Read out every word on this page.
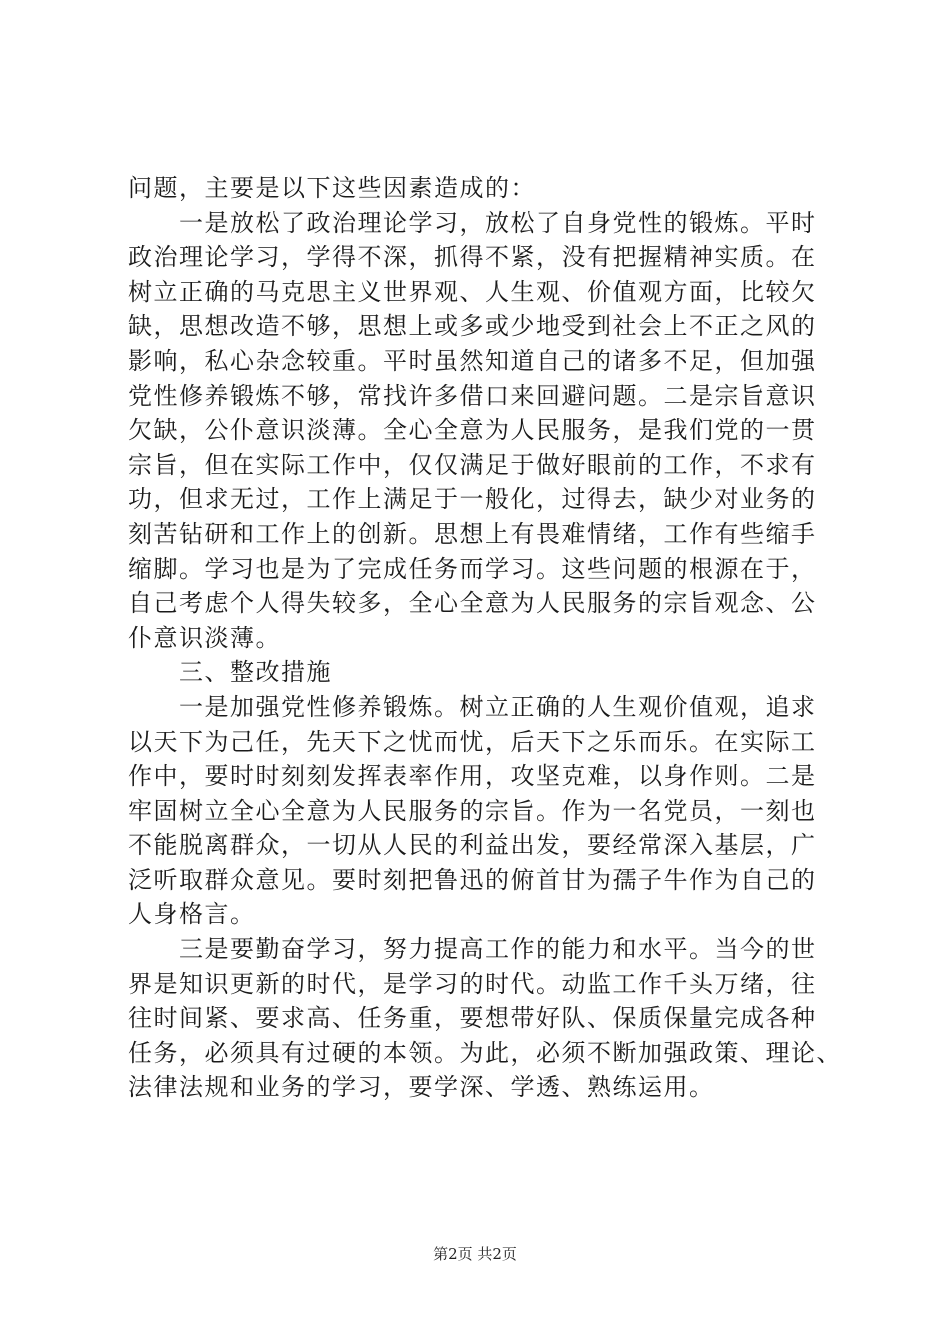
问题，主要是以下这些因素造成的：
　　一是放松了政治理论学习，放松了自身党性的锻炼。平时
政治理论学习，学得不深，抓得不紧，没有把握精神实质。在
树立正确的马克思主义世界观、人生观、价值观方面，比较欠
缺，思想改造不够，思想上或多或少地受到社会上不正之风的
影响，私心杂念较重。平时虽然知道自己的诸多不足，但加强
党性修养锻炼不够，常找许多借口来回避问题。二是宗旨意识
欠缺，公仆意识淡薄。全心全意为人民服务，是我们党的一贯
宗旨，但在实际工作中，仅仅满足于做好眼前的工作，不求有
功，但求无过，工作上满足于一般化，过得去，缺少对业务的
刻苦钻研和工作上的创新。思想上有畏难情绪，工作有些缩手
缩脚。学习也是为了完成任务而学习。这些问题的根源在于，
自己考虑个人得失较多，全心全意为人民服务的宗旨观念、公
仆意识淡薄。
　　三、整改措施
　　一是加强党性修养锻炼。树立正确的人生观价值观，追求
以天下为己任，先天下之忧而忧，后天下之乐而乐。在实际工
作中，要时时刻刻发挥表率作用，攻坚克难，以身作则。二是
牢固树立全心全意为人民服务的宗旨。作为一名党员，一刻也
不能脱离群众，一切从人民的利益出发，要经常深入基层，广
泛听取群众意见。要时刻把鲁迅的俯首甘为孺子牛作为自己的
人身格言。
　　三是要勤奋学习，努力提高工作的能力和水平。当今的世
界是知识更新的时代，是学习的时代。动监工作千头万绪，往
往时间紧、要求高、任务重，要想带好队、保质保量完成各种
任务，必须具有过硬的本领。为此，必须不断加强政策、理论、
法律法规和业务的学习，要学深、学透、熟练运用。
第2页 共2页
